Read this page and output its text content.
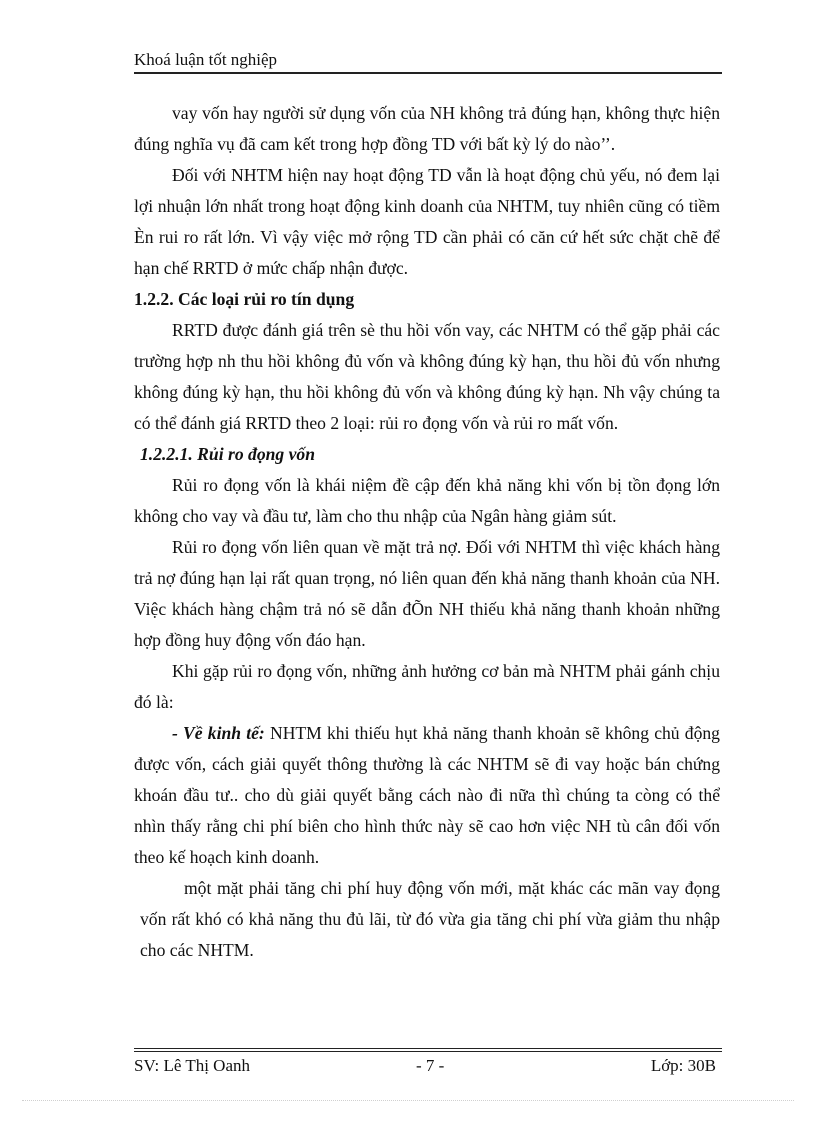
Khoá luận tốt nghiệp

vay vốn hay người sử dụng vốn của NH không trả đúng hạn, không thực hiện đúng nghĩa vụ đã cam kết trong hợp đồng TD với bất kỳ lý do nào’’.

Đối với NHTM hiện nay hoạt động TD vẫn là hoạt động chủ yếu, nó đem lại lợi nhuận lớn nhất trong hoạt động kinh doanh của NHTM, tuy nhiên cũng có tiềm Èn rui ro rất lớn. Vì vậy việc mở rộng TD cần phải có căn cứ hết sức chặt chẽ để hạn chế RRTD ở mức chấp nhận được.

1.2.2. Các loại rủi ro tín dụng

RRTD được đánh giá trên sè thu hồi vốn vay, các NHTM có thể gặp phải các trường hợp nh thu hồi không đủ vốn và không đúng kỳ hạn, thu hồi đủ vốn nhưng không đúng kỳ hạn, thu hồi không đủ vốn và không đúng kỳ hạn. Nh vậy chúng ta có thể đánh giá RRTD theo 2 loại: rủi ro đọng vốn và rủi ro mất vốn.

1.2.2.1. Rủi ro đọng vốn

Rủi ro đọng vốn là khái niệm đề cập đến khả năng khi vốn bị tồn đọng lớn không cho vay và đầu tư, làm cho thu nhập của Ngân hàng giảm sút.

Rủi ro đọng vốn liên quan về mặt trả nợ. Đối với NHTM thì việc khách hàng trả nợ đúng hạn lại rất quan trọng, nó liên quan đến khả năng thanh khoản của NH. Việc khách hàng chậm trả nó sẽ dẫn đÕn NH thiếu khả năng thanh khoản những hợp đồng huy động vốn đáo hạn.

Khi gặp rủi ro đọng vốn, những ảnh hưởng cơ bản mà NHTM phải gánh chịu đó là:

- Về kinh tế: NHTM khi thiếu hụt khả năng thanh khoản sẽ không chủ động được vốn, cách giải quyết thông thường là các NHTM sẽ đi vay hoặc bán chứng khoán đầu tư.. cho dù giải quyết bằng cách nào đi nữa thì chúng ta còng có thể nhìn thấy rằng chi phí biên cho hình thức này sẽ cao hơn việc NH tù cân đối vốn theo kế hoạch kinh doanh.

một mặt phải tăng chi phí huy động vốn mới, mặt khác các mãn vay đọng vốn rất khó có khả năng thu đủ lãi, từ đó vừa gia tăng chi phí vừa giảm thu nhập cho các NHTM.

SV: Lê Thị Oanh	- 7 -	Lớp: 30B
